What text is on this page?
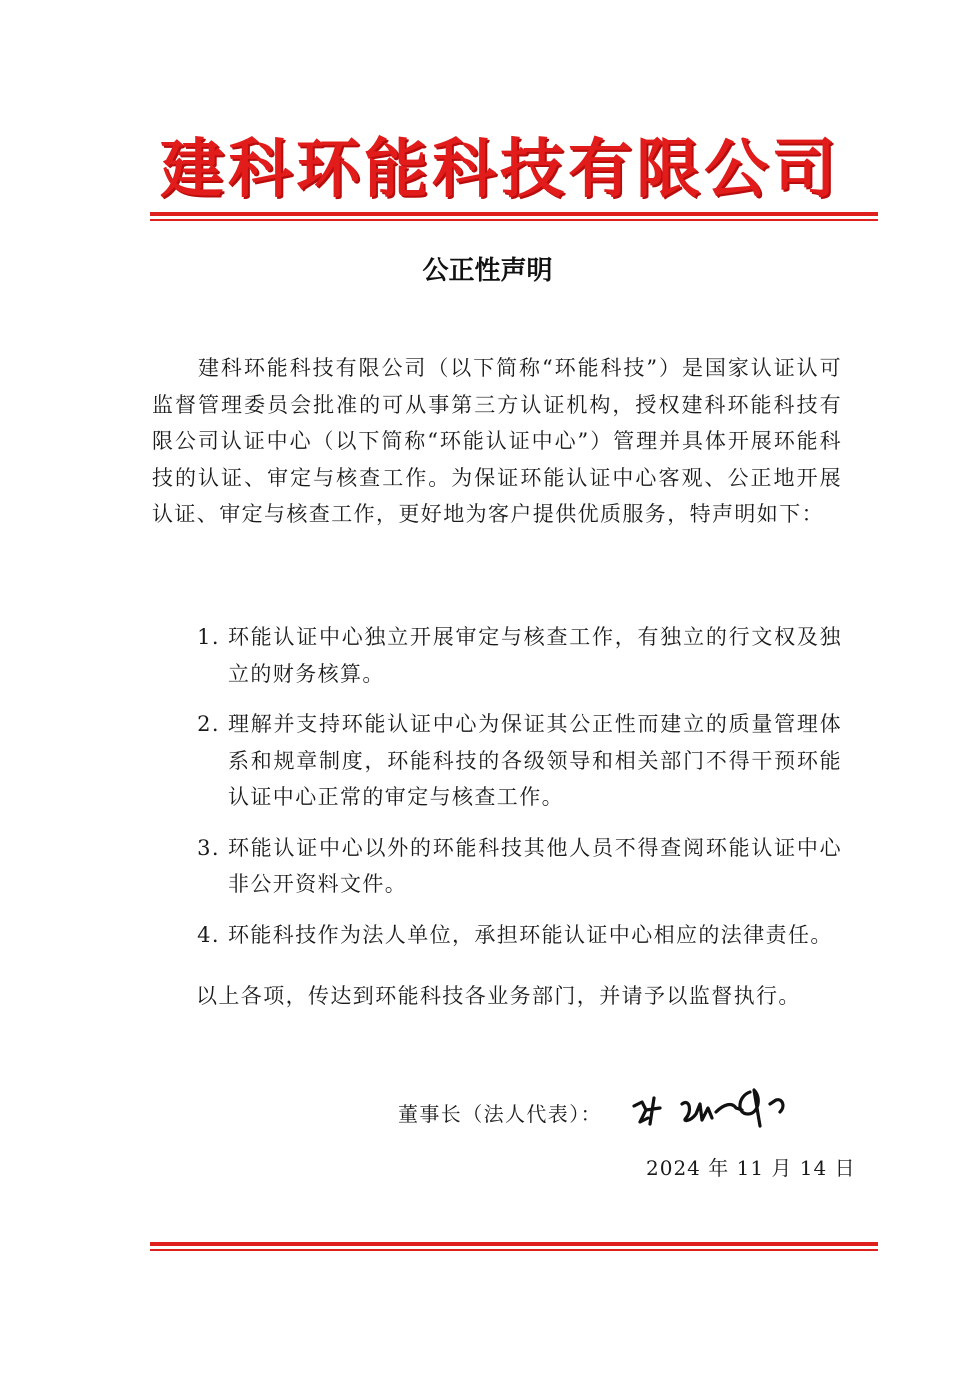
建科环能科技有限公司
公正性声明
建科环能科技有限公司（以下简称“环能科技”）是国家认证认可监督管理委员会批准的可从事第三方认证机构，授权建科环能科技有限公司认证中心（以下简称“环能认证中心”）管理并具体开展环能科技的认证、审定与核查工作。为保证环能认证中心客观、公正地开展认证、审定与核查工作，更好地为客户提供优质服务，特声明如下：
1. 环能认证中心独立开展审定与核查工作，有独立的行文权及独立的财务核算。
2. 理解并支持环能认证中心为保证其公正性而建立的质量管理体系和规章制度，环能科技的各级领导和相关部门不得干预环能认证中心正常的审定与核查工作。
3. 环能认证中心以外的环能科技其他人员不得查阅环能认证中心非公开资料文件。
4. 环能科技作为法人单位，承担环能认证中心相应的法律责任。
以上各项，传达到环能科技各业务部门，并请予以监督执行。
董事长（法人代表）：
2024 年 11 月 14 日
